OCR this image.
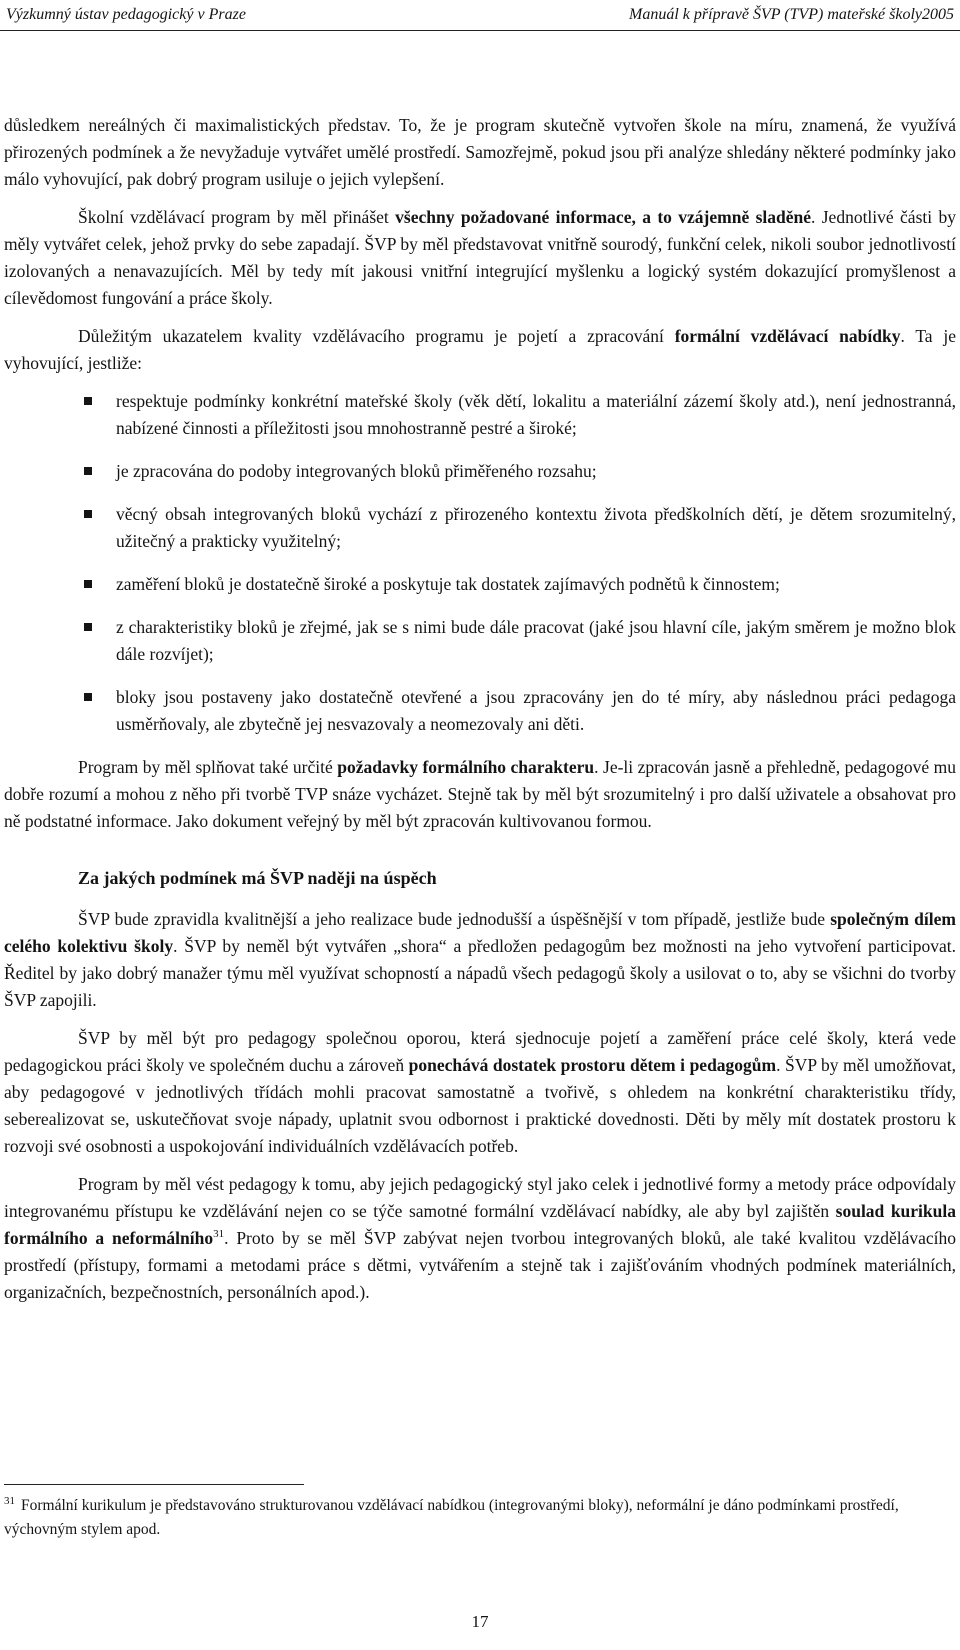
Výzkumný ústav pedagogický v Praze	Manuál k přípravě ŠVP (TVP) mateřské školy2005

důsledkem nereálných či maximalistických představ. To, že je program skutečně vytvořen škole na míru, znamená, že využívá přirozených podmínek a že nevyžaduje vytvářet umělé prostředí. Samozřejmě, pokud jsou při analýze shledány některé podmínky jako málo vyhovující, pak dobrý program usiluje o jejich vylepšení.

Školní vzdělávací program by měl přinášet všechny požadované informace, a to vzájemně sladěné. Jednotlivé části by měly vytvářet celek, jehož prvky do sebe zapadají. ŠVP by měl představovat vnitřně sourodý, funkční celek, nikoli soubor jednotlivostí izolovaných a nenavazujících. Měl by tedy mít jakousi vnitřní integrující myšlenku a logický systém dokazující promyšlenost a cílevědomost fungování a práce školy.

Důležitým ukazatelem kvality vzdělávacího programu je pojetí a zpracování formální vzdělávací nabídky. Ta je vyhovující, jestliže:

respektuje podmínky konkrétní mateřské školy (věk dětí, lokalitu a materiální zázemí školy atd.), není jednostranná, nabízené činnosti a příležitosti jsou mnohostranně pestré a široké;
je zpracována do podoby integrovaných bloků přiměřeného rozsahu;
věcný obsah integrovaných bloků vychází z přirozeného kontextu života předškolních dětí, je dětem srozumitelný, užitečný a prakticky využitelný;
zaměření bloků je dostatečně široké a poskytuje tak dostatek zajímavých podnětů k činnostem;
z charakteristiky bloků je zřejmé, jak se s nimi bude dále pracovat (jaké jsou hlavní cíle, jakým směrem je možno blok dále rozvíjet);
bloky jsou postaveny jako dostatečně otevřené a jsou zpracovány jen do té míry, aby následnou práci pedagoga usměrňovaly, ale zbytečně jej nesvazovaly a neomezovaly ani děti.

Program by měl splňovat také určité požadavky formálního charakteru. Je-li zpracován jasně a přehledně, pedagogové mu dobře rozumí a mohou z něho při tvorbě TVP snáze vycházet. Stejně tak by měl být srozumitelný i pro další uživatele a obsahovat pro ně podstatné informace. Jako dokument veřejný by měl být zpracován kultivovanou formou.

Za jakých podmínek má ŠVP naději na úspěch

ŠVP bude zpravidla kvalitnější a jeho realizace bude jednodušší a úspěšnější v tom případě, jestliže bude společným dílem celého kolektivu školy. ŠVP by neměl být vytvářen „shora“ a předložen pedagogům bez možnosti na jeho vytvoření participovat. Ředitel by jako dobrý manažer týmu měl využívat schopností a nápadů všech pedagogů školy a usilovat o to, aby se všichni do tvorby ŠVP zapojili.

ŠVP by měl být pro pedagogy společnou oporou, která sjednocuje pojetí a zaměření práce celé školy, která vede pedagogickou práci školy ve společném duchu a zároveň ponechává dostatek prostoru dětem i pedagogům. ŠVP by měl umožňovat, aby pedagogové v jednotlivých třídách mohli pracovat samostatně a tvořivě, s ohledem na konkrétní charakteristiku třídy, seberealizovat se, uskutečňovat svoje nápady, uplatnit svou odbornost i praktické dovednosti. Děti by měly mít dostatek prostoru k rozvoji své osobnosti a uspokojování individuálních vzdělávacích potřeb.

Program by měl vést pedagogy k tomu, aby jejich pedagogický styl jako celek i jednotlivé formy a metody práce odpovídaly integrovanému přístupu ke vzdělávání nejen co se týče samotné formální vzdělávací nabídky, ale aby byl zajištěn soulad kurikula formálního a neformálního$^{31}$. Proto by se měl ŠVP zabývat nejen tvorbou integrovaných bloků, ale také kvalitou vzdělávacího prostředí (přístupy, formami a metodami práce s dětmi, vytvářením a stejně tak i zajišťováním vhodných podmínek materiálních, organizačních, bezpečnostních, personálních apod.).

$^{31}$ Formální kurikulum je představováno strukturovanou vzdělávací nabídkou (integrovanými bloky), neformální je dáno podmínkami prostředí, výchovným stylem apod.
17
